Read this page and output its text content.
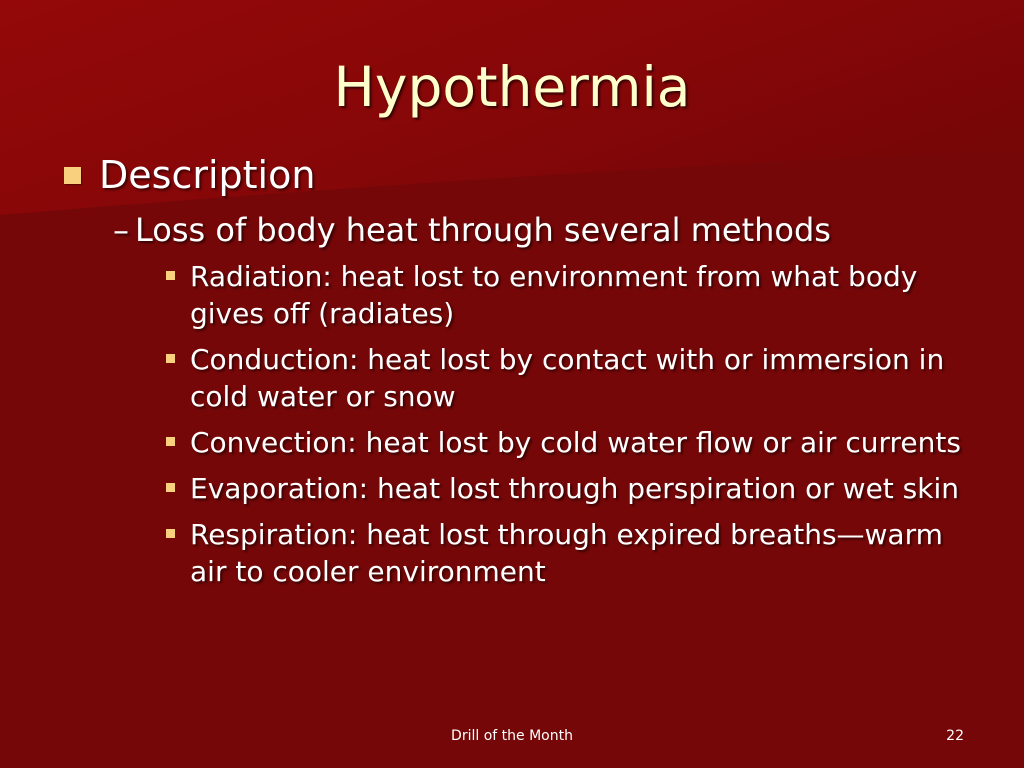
Hypothermia
Description
– Loss of body heat through several methods
Radiation: heat lost to environment from what body gives off (radiates)
Conduction: heat lost by contact with or immersion in cold water or snow
Convection: heat lost by cold water flow or air currents
Evaporation: heat lost through perspiration or wet skin
Respiration: heat lost through expired breaths—warm air to cooler environment
Drill of the Month	22
